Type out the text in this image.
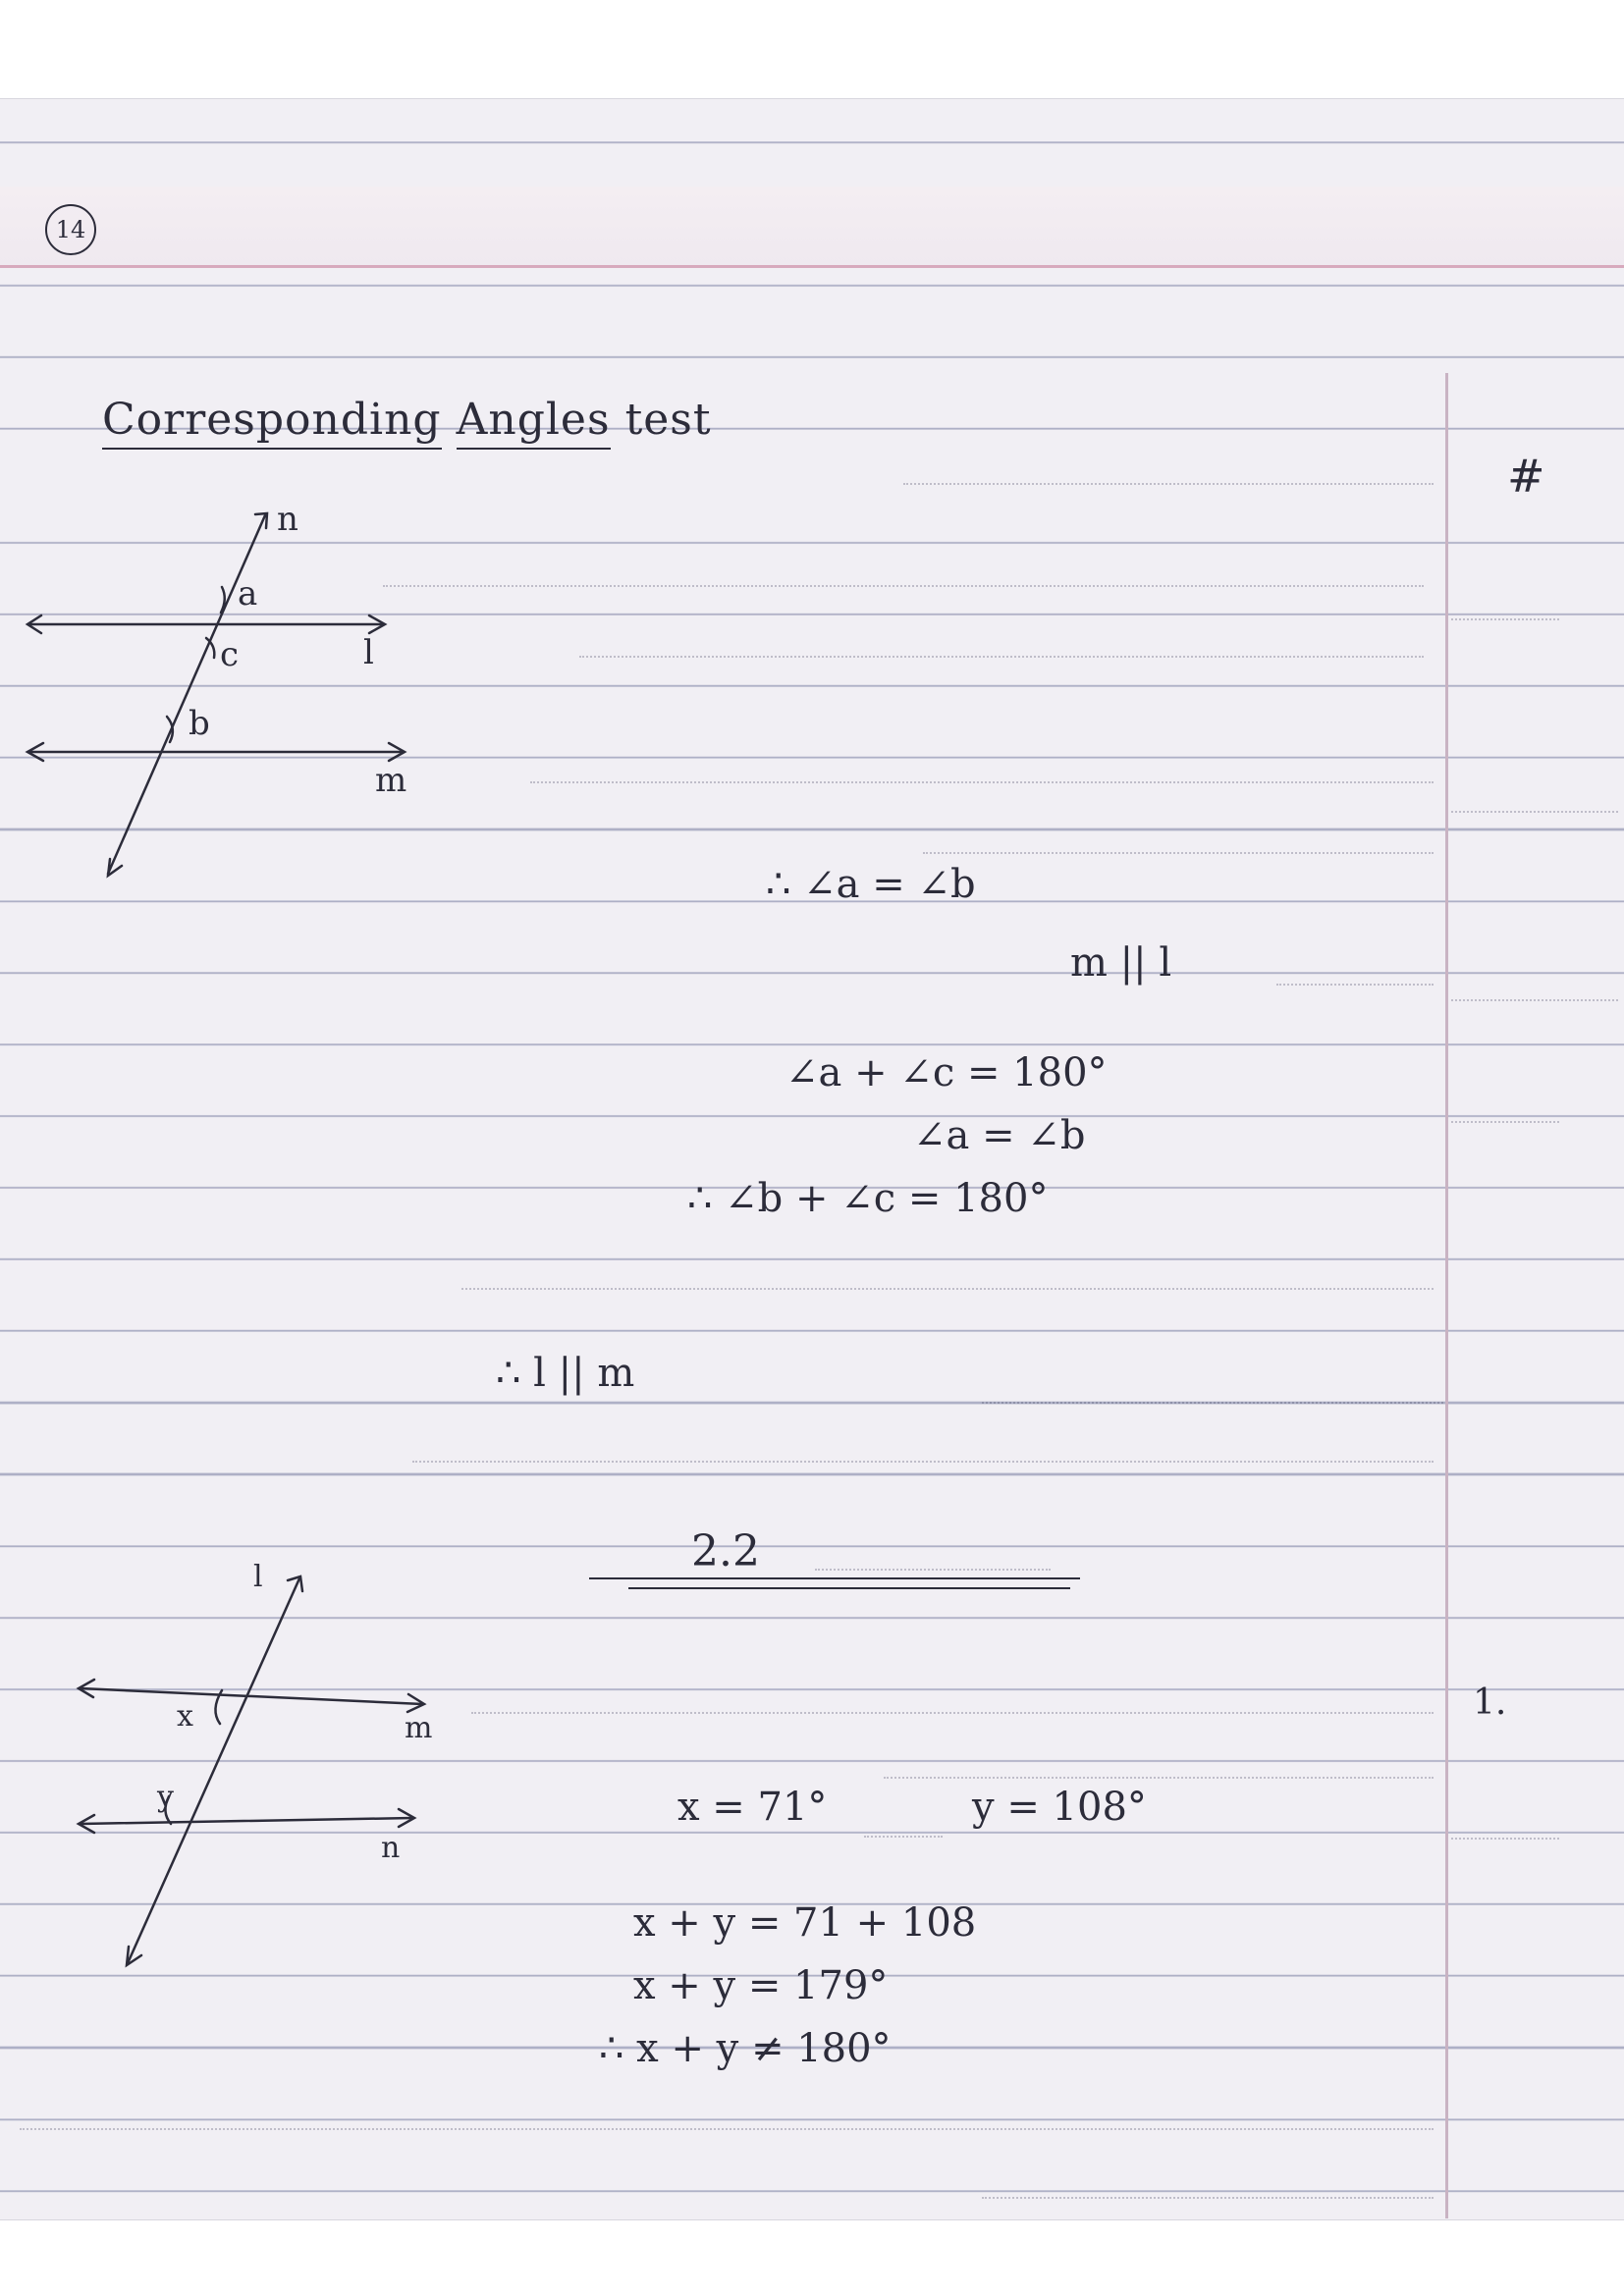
14
Corresponding Angles test
#
n
a
c	l
b
m
∴ ∠a = ∠b
m || l
∠a + ∠c = 180°
∠a = ∠b
∴ ∠b + ∠c = 180°
∴ l || m
2.2
l
x	m
y
n
1.
x = 71°	y = 108°
x + y = 71 + 108
x + y = 179°
∴ x + y ≠ 180°
